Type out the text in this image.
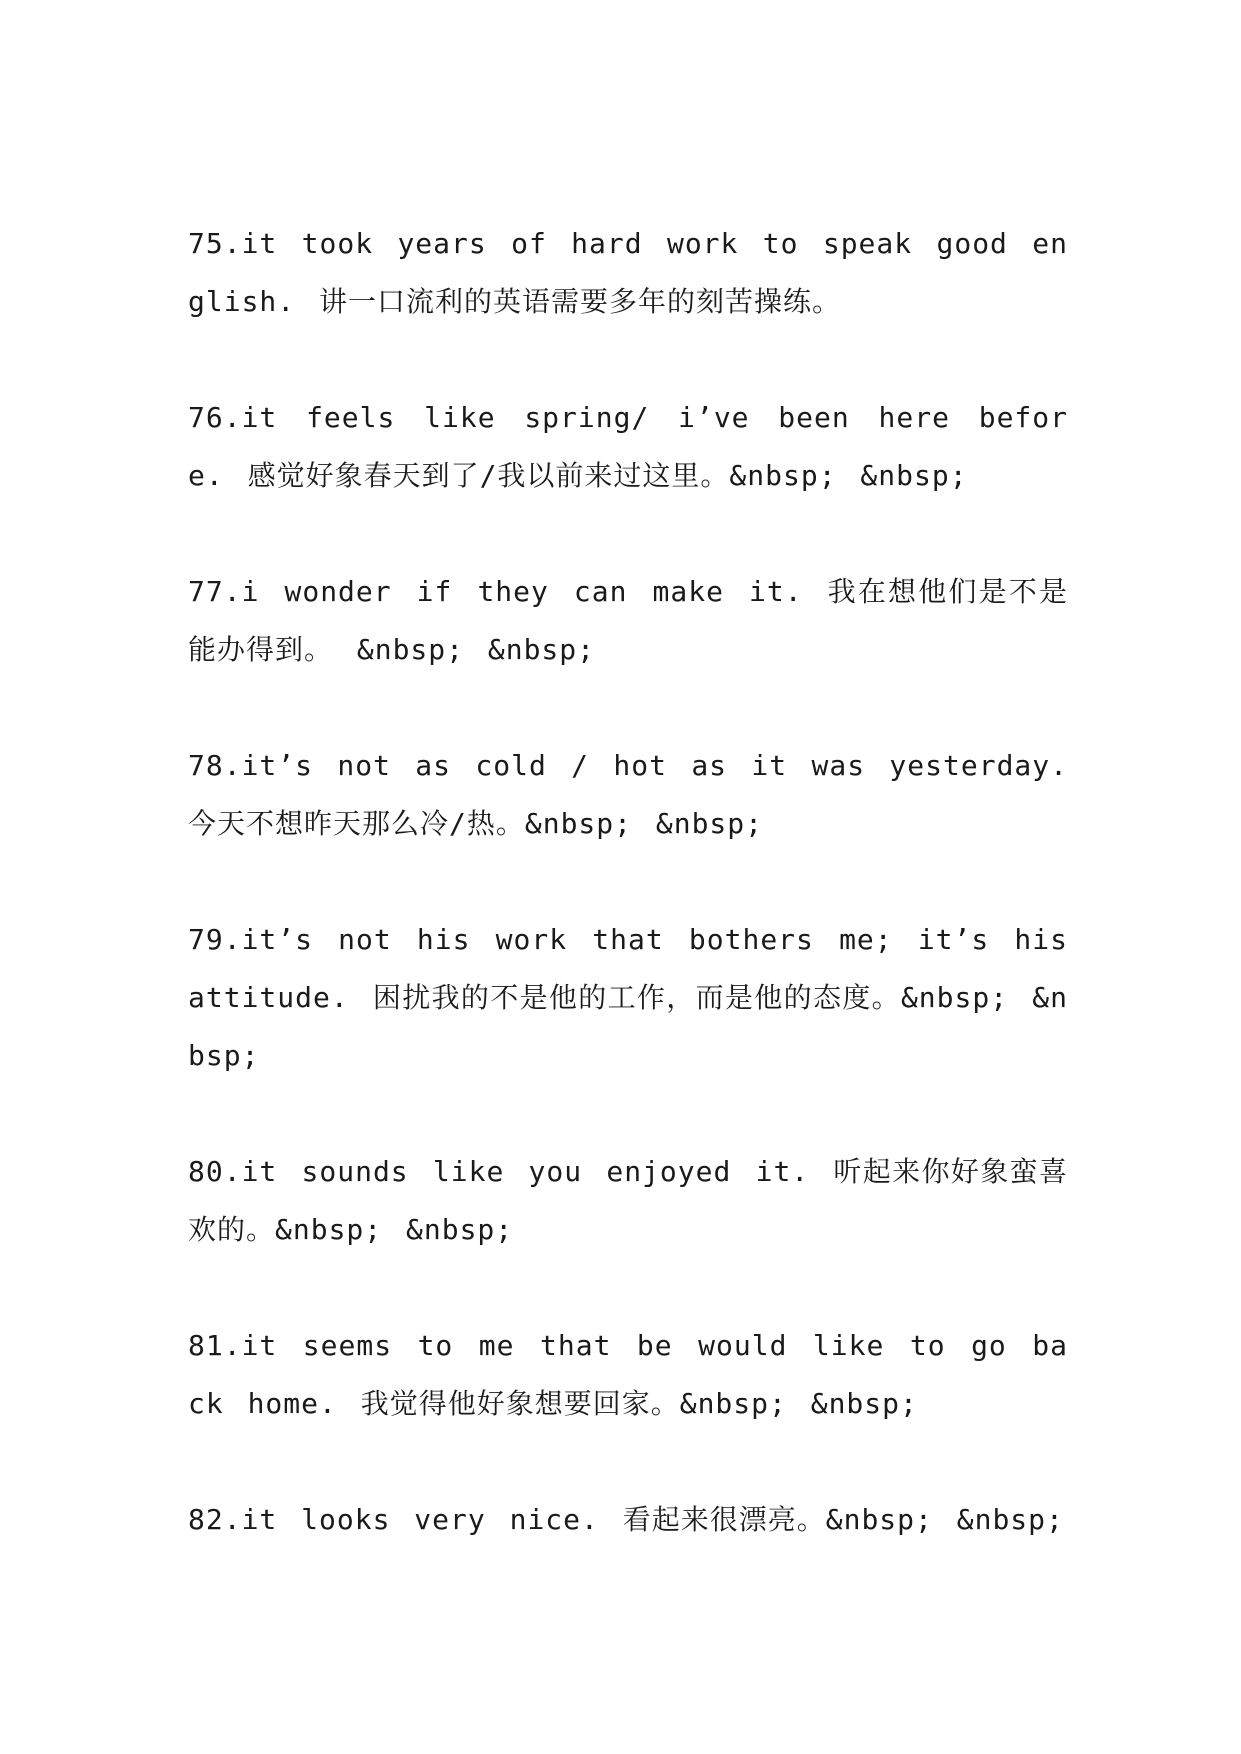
75.it took years of hard work to speak good english. 讲一口流利的英语需要多年的刻苦操练。

76.it feels like spring/ i’ve been here before. 感觉好象春天到了/我以前来过这里。&nbsp; &nbsp;

77.i wonder if they can make it. 我在想他们是不是能办得到。 &nbsp; &nbsp;

78.it’s not as cold / hot as it was yesterday. 今天不想昨天那么冷/热。&nbsp; &nbsp;

79.it’s not his work that bothers me; it’s his attitude. 困扰我的不是他的工作，而是他的态度。&nbsp; &nbsp;

80.it sounds like you enjoyed it. 听起来你好象蛮喜欢的。&nbsp; &nbsp;

81.it seems to me that be would like to go back home. 我觉得他好象想要回家。&nbsp; &nbsp;

82.it looks very nice. 看起来很漂亮。&nbsp; &nbsp;
